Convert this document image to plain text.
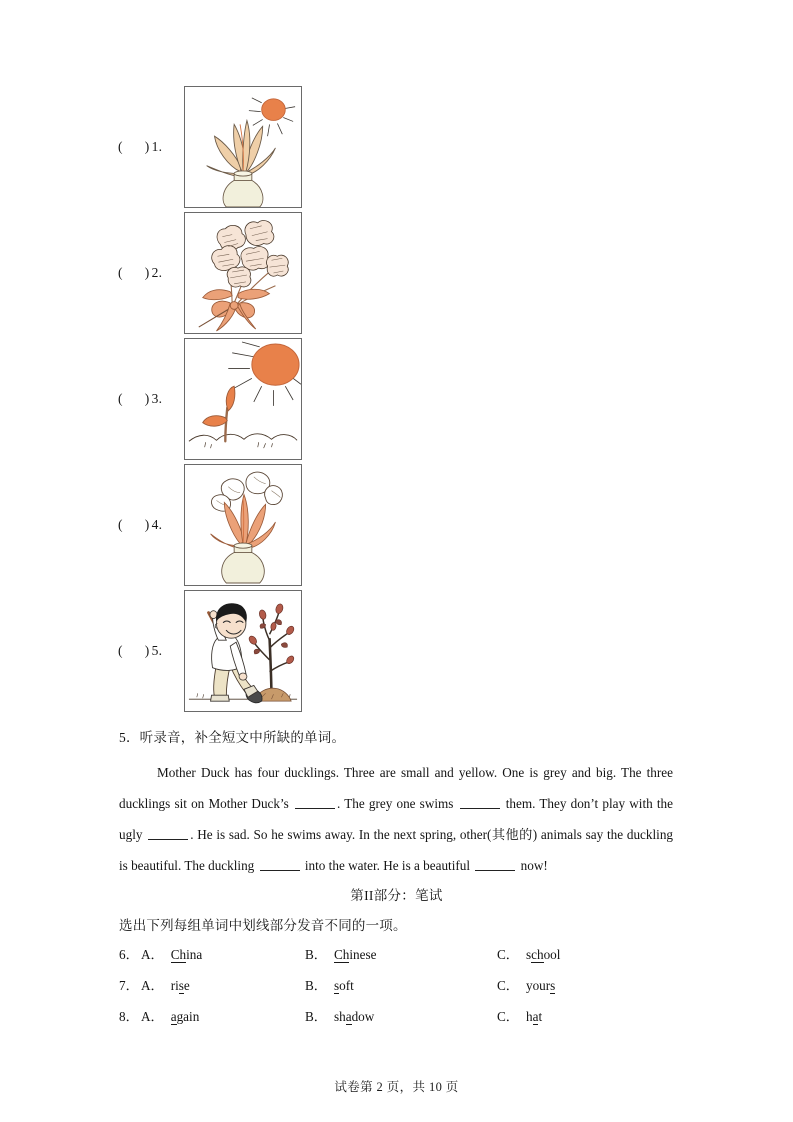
( ) 1.
( ) 2.
( ) 3.
( ) 4.
( ) 5.
5．听录音，补全短文中所缺的单词。
Mother Duck has four ducklings. Three are small and yellow. One is grey and big. The three ducklings sit on Mother Duck’s	. The grey one swims	them. They don’t play with the ugly	. He is sad. So he swims away. In the next spring, other(其他的) animals say the duckling is beautiful. The duckling	into the water. He is a beautiful	now!
第II部分：笔试
选出下列每组单词中划线部分发音不同的一项。
6． A． China	B． Chinese	C． school
7． A． rise	B． soft	C． yours
8． A． again	B． shadow	C． hat
试卷第 2 页，共 10 页
